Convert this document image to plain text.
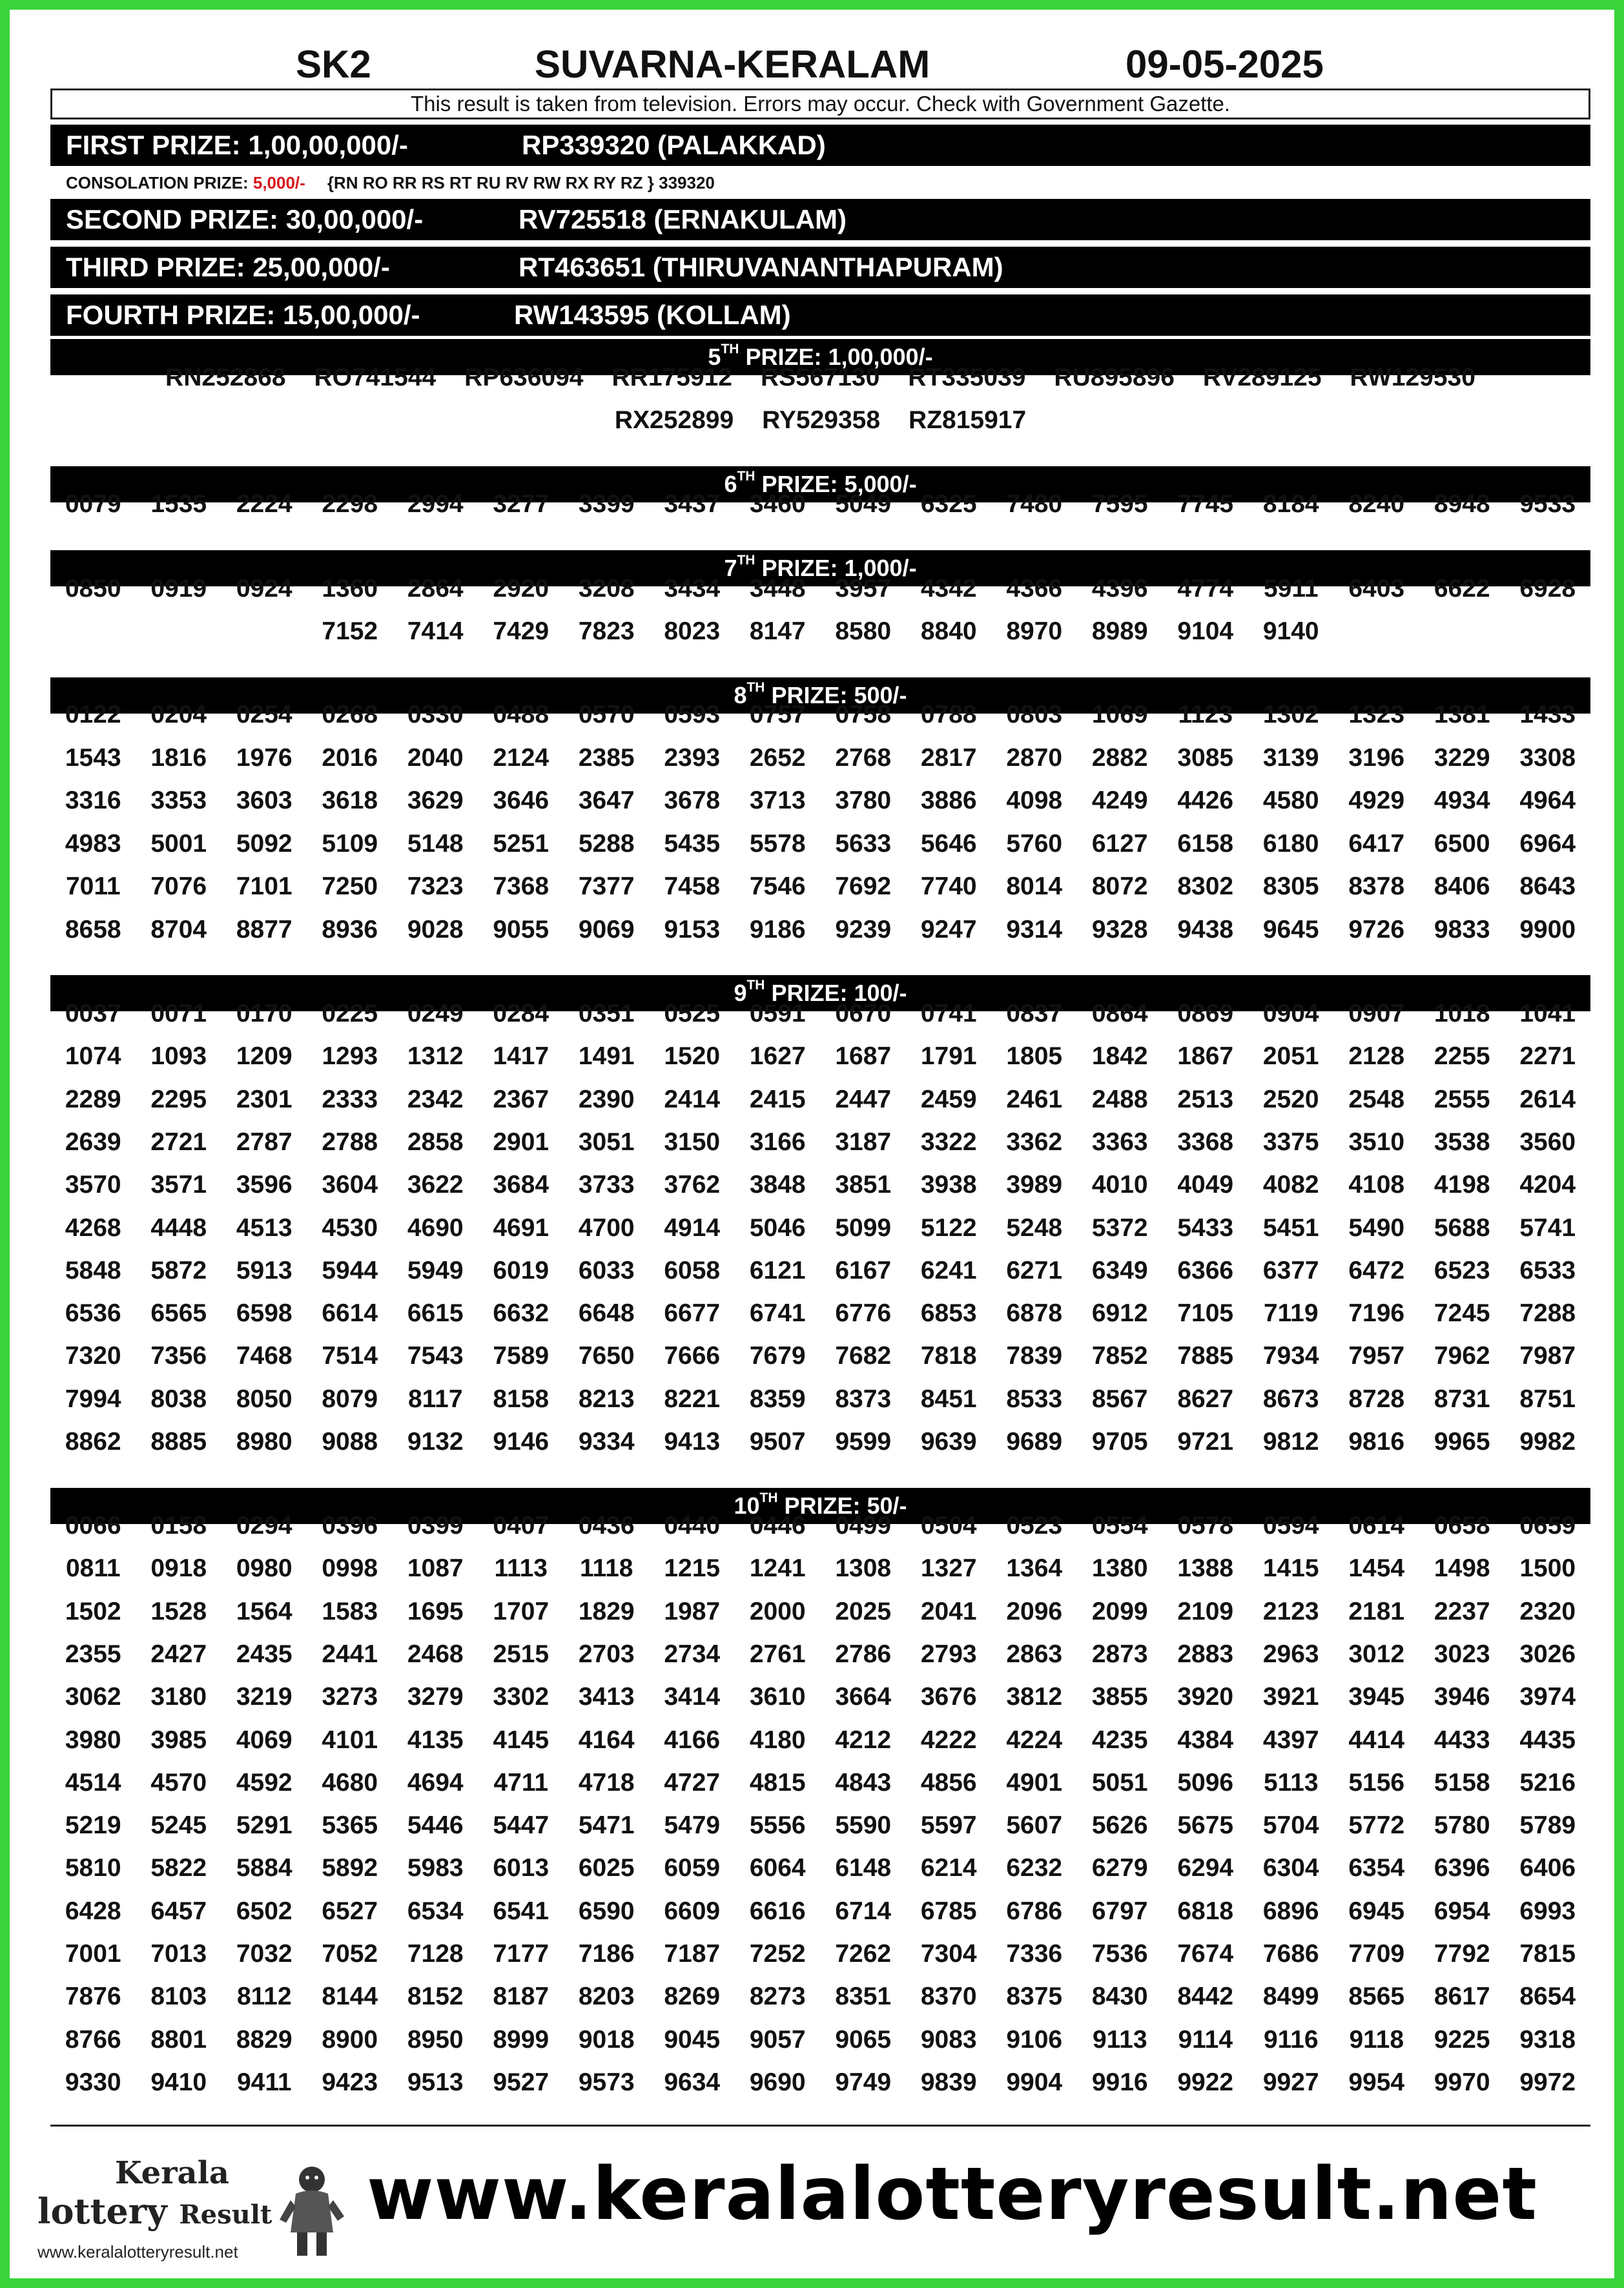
SK2	SUVARNA-KERALAM	09-05-2025
This result is taken from television. Errors may occur. Check with Government Gazette.
FIRST PRIZE: 1,00,00,000/-	RP339320 (PALAKKAD)
CONSOLATION PRIZE: 5,000/- {RN RO RR RS RT RU RV RW RX RY RZ } 339320
SECOND PRIZE: 30,00,000/-	RV725518 (ERNAKULAM)
THIRD PRIZE: 25,00,000/-	RT463651 (THIRUVANANTHAPURAM)
FOURTH PRIZE: 15,00,000/-	RW143595 (KOLLAM)
5TH PRIZE: 1,00,000/-
RN252868 RO741544 RP636094 RR175912 RS567130 RT335039 RU895896 RV289125 RW129530
RX252899 RY529358 RZ815917
6TH PRIZE: 5,000/-
0079	1535	2224	2298	2994	3277	3399	3437	3460	5049	6325	7480	7595	7745	8184	8240	8948	9533
7TH PRIZE: 1,000/-
0850	0919	0924	1360	2864	2920	3208	3434	3448	3957	4342	4366	4396	4774	5911	6403	6622	6928
7152	7414	7429	7823	8023	8147	8580	8840	8970	8989	9104	9140
8TH PRIZE: 500/-
0122	0204	0254	0268	0330	0488	0570	0593	0757	0758	0788	0803	1069	1123	1302	1323	1381	1433
1543	1816	1976	2016	2040	2124	2385	2393	2652	2768	2817	2870	2882	3085	3139	3196	3229	3308
3316	3353	3603	3618	3629	3646	3647	3678	3713	3780	3886	4098	4249	4426	4580	4929	4934	4964
4983	5001	5092	5109	5148	5251	5288	5435	5578	5633	5646	5760	6127	6158	6180	6417	6500	6964
7011	7076	7101	7250	7323	7368	7377	7458	7546	7692	7740	8014	8072	8302	8305	8378	8406	8643
8658	8704	8877	8936	9028	9055	9069	9153	9186	9239	9247	9314	9328	9438	9645	9726	9833	9900
9TH PRIZE: 100/-
0037	0071	0170	0225	0249	0284	0351	0525	0591	0670	0741	0837	0864	0869	0904	0907	1018	1041
1074	1093	1209	1293	1312	1417	1491	1520	1627	1687	1791	1805	1842	1867	2051	2128	2255	2271
2289	2295	2301	2333	2342	2367	2390	2414	2415	2447	2459	2461	2488	2513	2520	2548	2555	2614
2639	2721	2787	2788	2858	2901	3051	3150	3166	3187	3322	3362	3363	3368	3375	3510	3538	3560
3570	3571	3596	3604	3622	3684	3733	3762	3848	3851	3938	3989	4010	4049	4082	4108	4198	4204
4268	4448	4513	4530	4690	4691	4700	4914	5046	5099	5122	5248	5372	5433	5451	5490	5688	5741
5848	5872	5913	5944	5949	6019	6033	6058	6121	6167	6241	6271	6349	6366	6377	6472	6523	6533
6536	6565	6598	6614	6615	6632	6648	6677	6741	6776	6853	6878	6912	7105	7119	7196	7245	7288
7320	7356	7468	7514	7543	7589	7650	7666	7679	7682	7818	7839	7852	7885	7934	7957	7962	7987
7994	8038	8050	8079	8117	8158	8213	8221	8359	8373	8451	8533	8567	8627	8673	8728	8731	8751
8862	8885	8980	9088	9132	9146	9334	9413	9507	9599	9639	9689	9705	9721	9812	9816	9965	9982
10TH PRIZE: 50/-
0066	0158	0294	0396	0399	0407	0436	0440	0446	0499	0504	0523	0554	0578	0594	0614	0658	0659
0811	0918	0980	0998	1087	1113	1118	1215	1241	1308	1327	1364	1380	1388	1415	1454	1498	1500
1502	1528	1564	1583	1695	1707	1829	1987	2000	2025	2041	2096	2099	2109	2123	2181	2237	2320
2355	2427	2435	2441	2468	2515	2703	2734	2761	2786	2793	2863	2873	2883	2963	3012	3023	3026
3062	3180	3219	3273	3279	3302	3413	3414	3610	3664	3676	3812	3855	3920	3921	3945	3946	3974
3980	3985	4069	4101	4135	4145	4164	4166	4180	4212	4222	4224	4235	4384	4397	4414	4433	4435
4514	4570	4592	4680	4694	4711	4718	4727	4815	4843	4856	4901	5051	5096	5113	5156	5158	5216
5219	5245	5291	5365	5446	5447	5471	5479	5556	5590	5597	5607	5626	5675	5704	5772	5780	5789
5810	5822	5884	5892	5983	6013	6025	6059	6064	6148	6214	6232	6279	6294	6304	6354	6396	6406
6428	6457	6502	6527	6534	6541	6590	6609	6616	6714	6785	6786	6797	6818	6896	6945	6954	6993
7001	7013	7032	7052	7128	7177	7186	7187	7252	7262	7304	7336	7536	7674	7686	7709	7792	7815
7876	8103	8112	8144	8152	8187	8203	8269	8273	8351	8370	8375	8430	8442	8499	8565	8617	8654
8766	8801	8829	8900	8950	8999	9018	9045	9057	9065	9083	9106	9113	9114	9116	9118	9225	9318
9330	9410	9411	9423	9513	9527	9573	9634	9690	9749	9839	9904	9916	9922	9927	9954	9970	9972
Kerala
lottery Result
www.keralalotteryresult.net
www.keralalotteryresult.net
